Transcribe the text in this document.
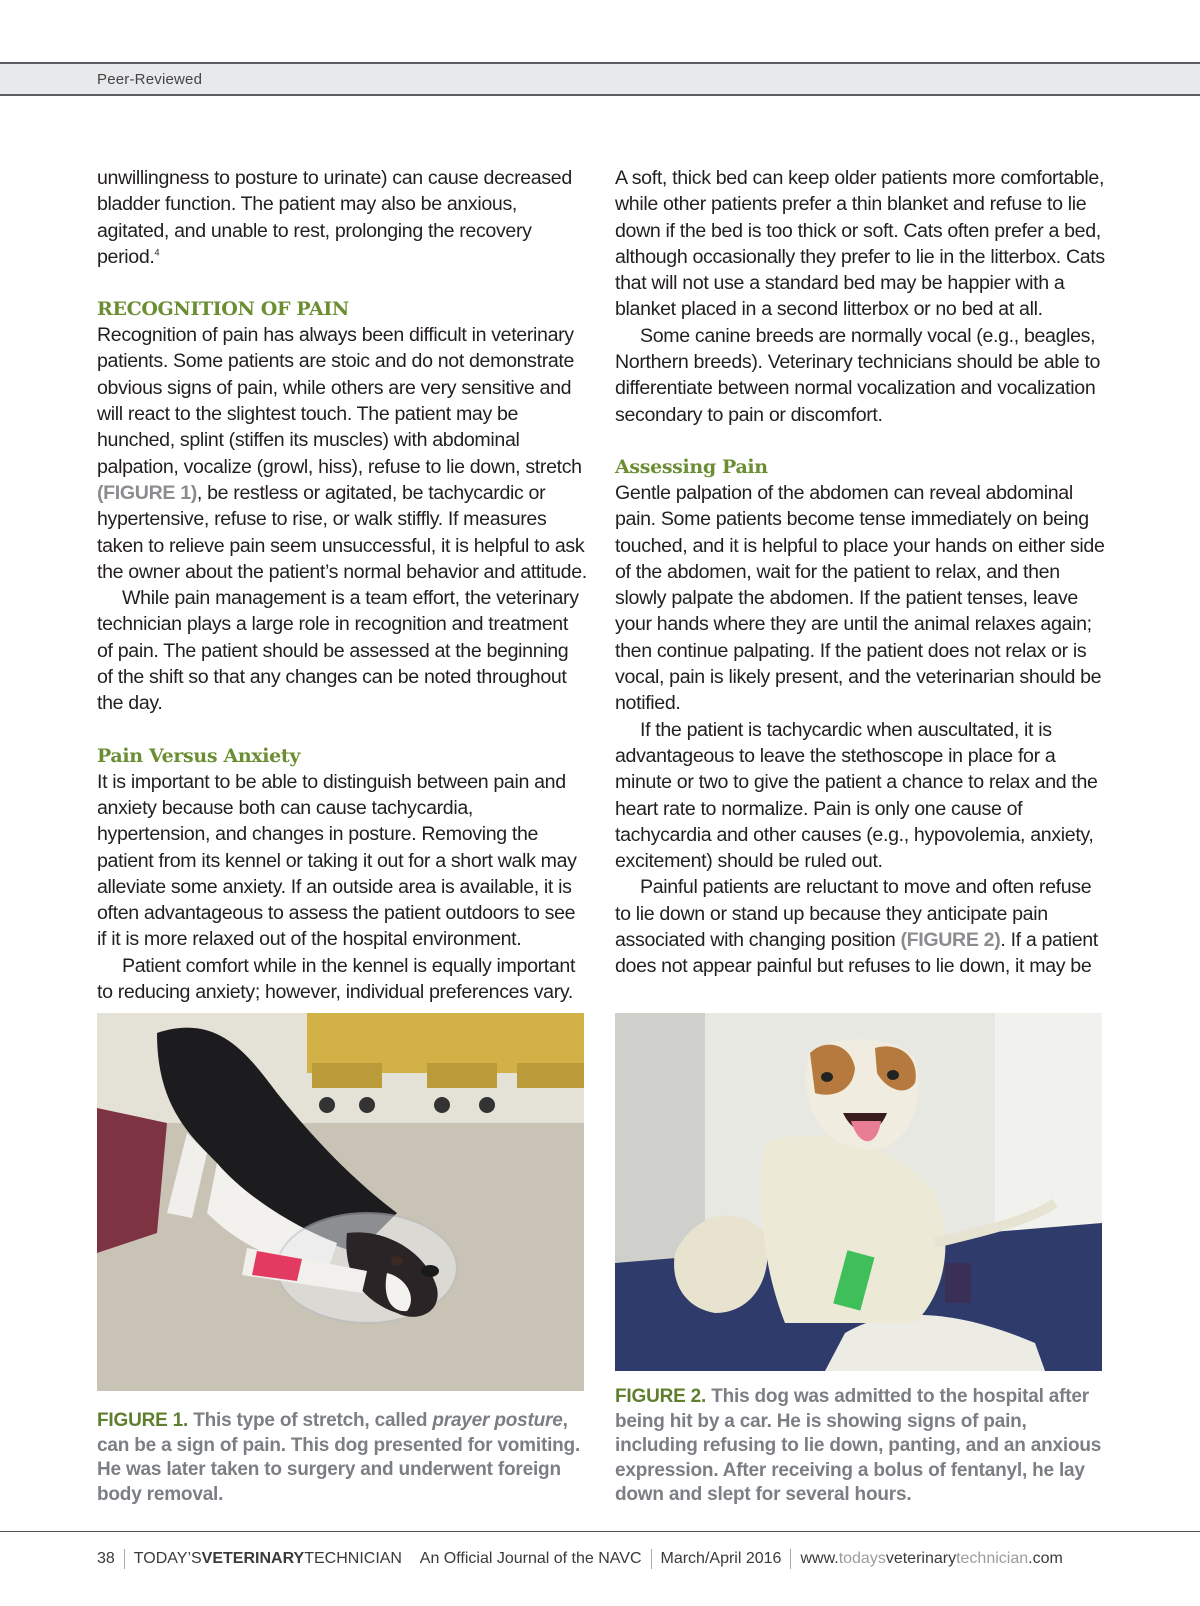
Peer-Reviewed

unwillingness to posture to urinate) can cause decreased bladder function. The patient may also be anxious, agitated, and unable to rest, prolonging the recovery period.$^4$

RECOGNITION OF PAIN

Recognition of pain has always been difficult in veterinary patients. Some patients are stoic and do not demonstrate obvious signs of pain, while others are very sensitive and will react to the slightest touch. The patient may be hunched, splint (stiffen its muscles) with abdominal palpation, vocalize (growl, hiss), refuse to lie down, stretch (FIGURE 1), be restless or agitated, be tachycardic or hypertensive, refuse to rise, or walk stiffly. If measures taken to relieve pain seem unsuccessful, it is helpful to ask the owner about the patient’s normal behavior and attitude.

While pain management is a team effort, the veterinary technician plays a large role in recognition and treatment of pain. The patient should be assessed at the beginning of the shift so that any changes can be noted throughout the day.

Pain Versus Anxiety

It is important to be able to distinguish between pain and anxiety because both can cause tachycardia, hypertension, and changes in posture. Removing the patient from its kennel or taking it out for a short walk may alleviate some anxiety. If an outside area is available, it is often advantageous to assess the patient outdoors to see if it is more relaxed out of the hospital environment.

Patient comfort while in the kennel is equally important to reducing anxiety; however, individual preferences vary.

A soft, thick bed can keep older patients more comfortable, while other patients prefer a thin blanket and refuse to lie down if the bed is too thick or soft. Cats often prefer a bed, although occasionally they prefer to lie in the litterbox. Cats that will not use a standard bed may be happier with a blanket placed in a second litterbox or no bed at all.

Some canine breeds are normally vocal (e.g., beagles, Northern breeds). Veterinary technicians should be able to differentiate between normal vocalization and vocalization secondary to pain or discomfort.

Assessing Pain

Gentle palpation of the abdomen can reveal abdominal pain. Some patients become tense immediately on being touched, and it is helpful to place your hands on either side of the abdomen, wait for the patient to relax, and then slowly palpate the abdomen. If the patient tenses, leave your hands where they are until the animal relaxes again; then continue palpating. If the patient does not relax or is vocal, pain is likely present, and the veterinarian should be notified.

If the patient is tachycardic when auscultated, it is advantageous to leave the stethoscope in place for a minute or two to give the patient a chance to relax and the heart rate to normalize. Pain is only one cause of tachycardia and other causes (e.g., hypovolemia, anxiety, excitement) should be ruled out.

Painful patients are reluctant to move and often refuse to lie down or stand up because they anticipate pain associated with changing position (FIGURE 2). If a patient does not appear painful but refuses to lie down, it may be

FIGURE 1. This type of stretch, called prayer posture, can be a sign of pain. This dog presented for vomiting. He was later taken to surgery and underwent foreign body removal.
FIGURE 2. This dog was admitted to the hospital after being hit by a car. He is showing signs of pain, including refusing to lie down, panting, and an anxious expression. After receiving a bolus of fentanyl, he lay down and slept for several hours.
38 TODAY’SVETERINARYTECHNICIAN An Official Journal of the NAVC March/April 2016 www.todaysveterinarytechnician.com
